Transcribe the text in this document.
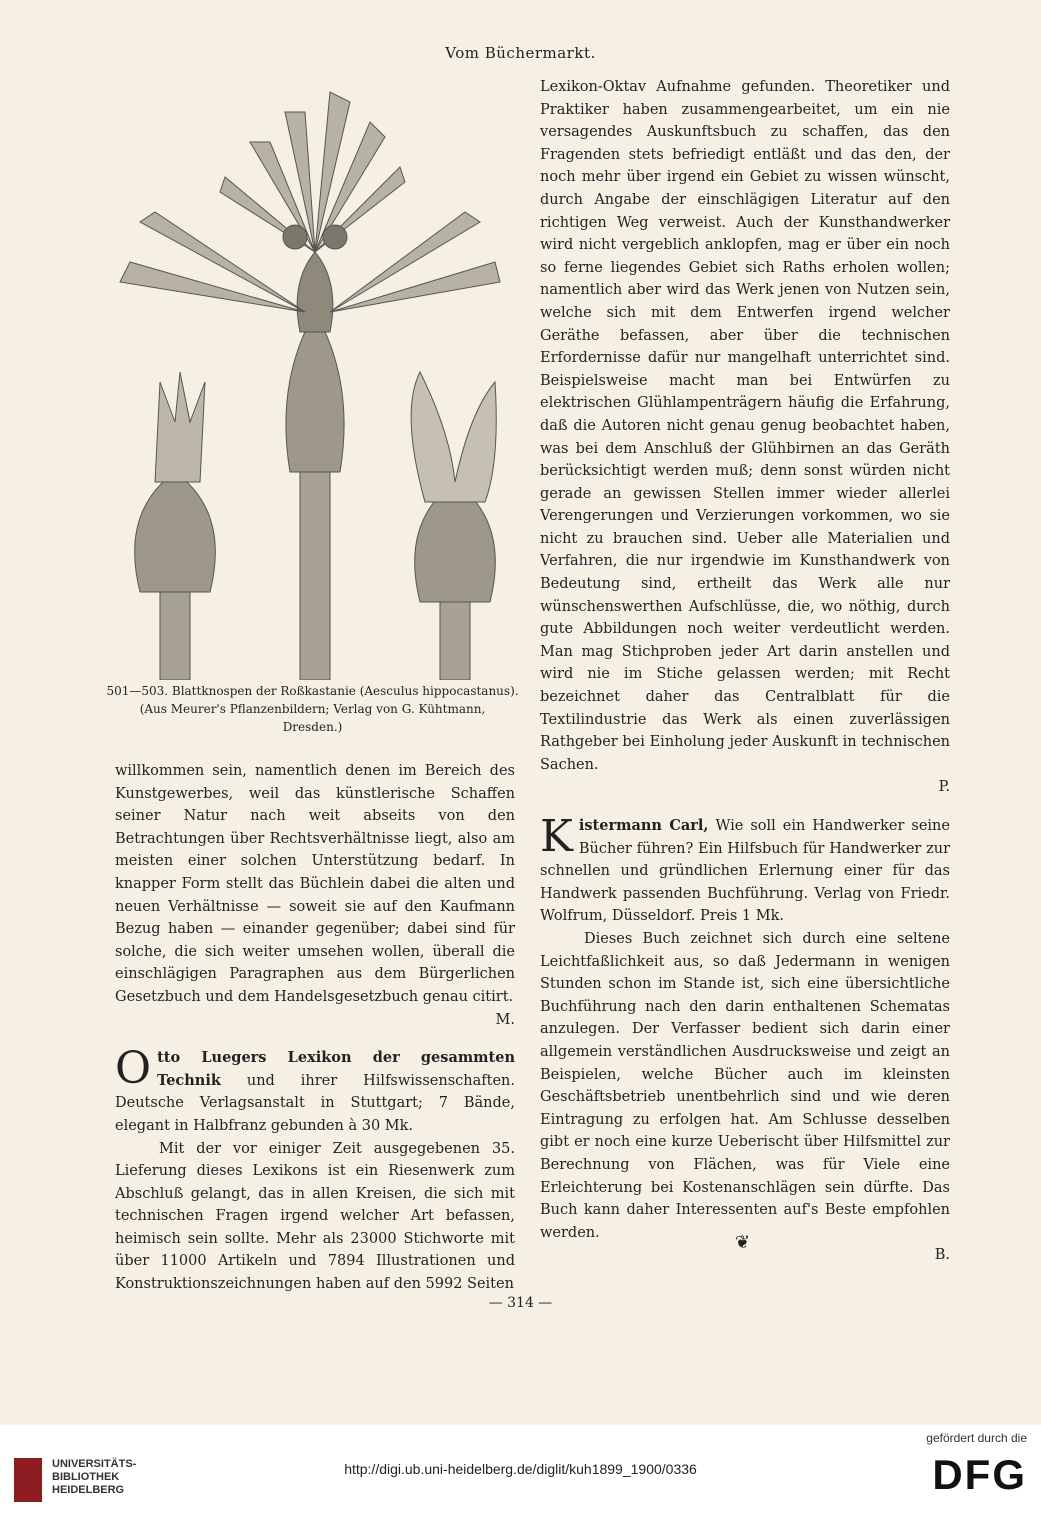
Vom Büchermarkt.
501—503. Blattknospen der Roßkastanie (Aesculus hippocastanus).
(Aus Meurer's Pflanzenbildern; Verlag von G. Kühtmann,
Dresden.)

willkommen sein, namentlich denen im Bereich des Kunstgewerbes, weil das künstlerische Schaffen seiner Natur nach weit abseits von den Betrachtungen über Rechtsverhältnisse liegt, also am meisten einer solchen Unterstützung bedarf. In knapper Form stellt das Büchlein dabei die alten und neuen Verhältnisse — soweit sie auf den Kaufmann Bezug haben — einander gegenüber; dabei sind für solche, die sich weiter umsehen wollen, überall die einschlägigen Paragraphen aus dem Bürgerlichen Gesetzbuch und dem Handelsgesetzbuch genau citirt.

M.

Otto Luegers Lexikon der gesammten Technik und ihrer Hilfswissenschaften. Deutsche Verlagsanstalt in Stuttgart; 7 Bände, elegant in Halbfranz gebunden à 30 Mk.

Mit der vor einiger Zeit ausgegebenen 35. Lieferung dieses Lexikons ist ein Riesenwerk zum Abschluß gelangt, das in allen Kreisen, die sich mit technischen Fragen irgend welcher Art befassen, heimisch sein sollte. Mehr als 23000 Stichworte mit über 11000 Artikeln und 7894 Illustrationen und Konstruktionszeichnungen haben auf den 5992 Seiten

Lexikon-Oktav Aufnahme gefunden. Theoretiker und Praktiker haben zusammengearbeitet, um ein nie versagendes Auskunftsbuch zu schaffen, das den Fragenden stets befriedigt entläßt und das den, der noch mehr über irgend ein Gebiet zu wissen wünscht, durch Angabe der einschlägigen Literatur auf den richtigen Weg verweist. Auch der Kunsthandwerker wird nicht vergeblich anklopfen, mag er über ein noch so ferne liegendes Gebiet sich Raths erholen wollen; namentlich aber wird das Werk jenen von Nutzen sein, welche sich mit dem Entwerfen irgend welcher Geräthe befassen, aber über die technischen Erfordernisse dafür nur mangelhaft unterrichtet sind. Beispielsweise macht man bei Entwürfen zu elektrischen Glühlampenträgern häufig die Erfahrung, daß die Autoren nicht genau genug beobachtet haben, was bei dem Anschluß der Glühbirnen an das Geräth berücksichtigt werden muß; denn sonst würden nicht gerade an gewissen Stellen immer wieder allerlei Verengerungen und Verzierungen vorkommen, wo sie nicht zu brauchen sind. Ueber alle Materialien und Verfahren, die nur irgendwie im Kunsthandwerk von Bedeutung sind, ertheilt das Werk alle nur wünschenswerthen Aufschlüsse, die, wo nöthig, durch gute Abbildungen noch weiter verdeutlicht werden. Man mag Stichproben jeder Art darin anstellen und wird nie im Stiche gelassen werden; mit Recht bezeichnet daher das Centralblatt für die Textilindustrie das Werk als einen zuverlässigen Rathgeber bei Einholung jeder Auskunft in technischen Sachen.

P.

Kistermann Carl, Wie soll ein Handwerker seine Bücher führen? Ein Hilfsbuch für Handwerker zur schnellen und gründlichen Erlernung einer für das Handwerk passenden Buchführung. Verlag von Friedr. Wolfrum, Düsseldorf. Preis 1 Mk.

Dieses Buch zeichnet sich durch eine seltene Leichtfaßlichkeit aus, so daß Jedermann in wenigen Stunden schon im Stande ist, sich eine übersichtliche Buchführung nach den darin enthaltenen Schematas anzulegen. Der Verfasser bedient sich darin einer allgemein verständlichen Ausdrucksweise und zeigt an Beispielen, welche Bücher auch im kleinsten Geschäftsbetrieb unentbehrlich sind und wie deren Eintragung zu erfolgen hat. Am Schlusse desselben gibt er noch eine kurze Ueberischt über Hilfsmittel zur Berechnung von Flächen, was für Viele eine Erleichterung bei Kostenanschlägen sein dürfte. Das Buch kann daher Interessenten auf's Beste empfohlen werden.

B.

❦
— 314 —
UNIVERSITÄTS-
BIBLIOTHEK
HEIDELBERG
http://digi.ub.uni-heidelberg.de/diglit/kuh1899_1900/0336
gefördert durch die
DFG
